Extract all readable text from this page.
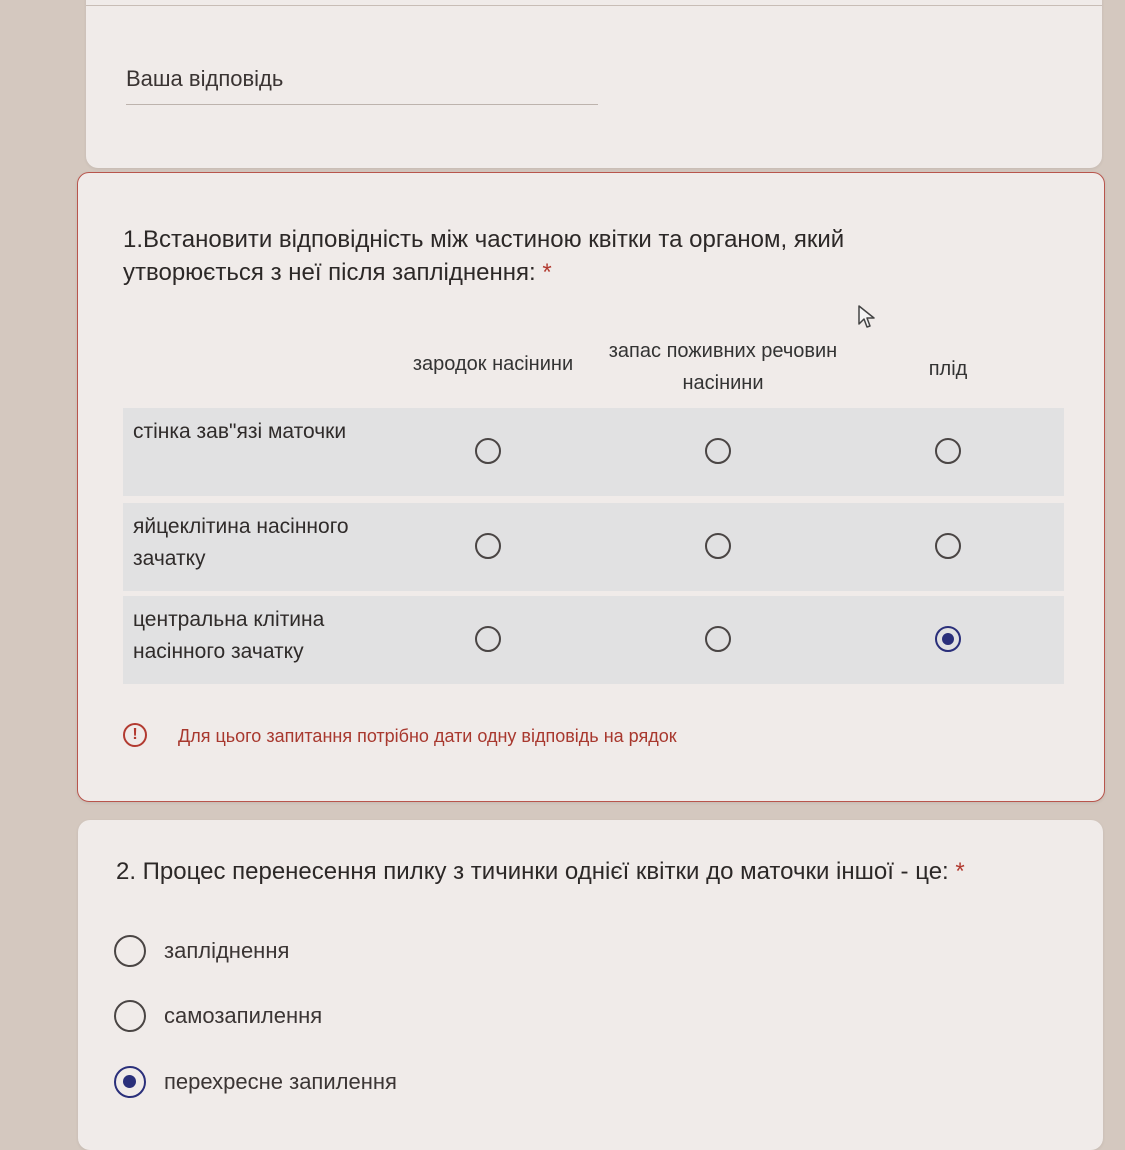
Ваша відповідь
1.Встановити відповідність між частиною квітки та органом, який утворюється з неї після запліднення: *
зародок насінини
запас поживних речовин насінини
плід
стінка зав"язі маточки
яйцеклітина насінного зачатку
центральна клітина насінного зачатку
!	Для цього запитання потрібно дати одну відповідь на рядок
2. Процес перенесення пилку з тичинки однієї квітки до маточки іншої - це: *
запліднення
самозапилення
перехресне запилення
